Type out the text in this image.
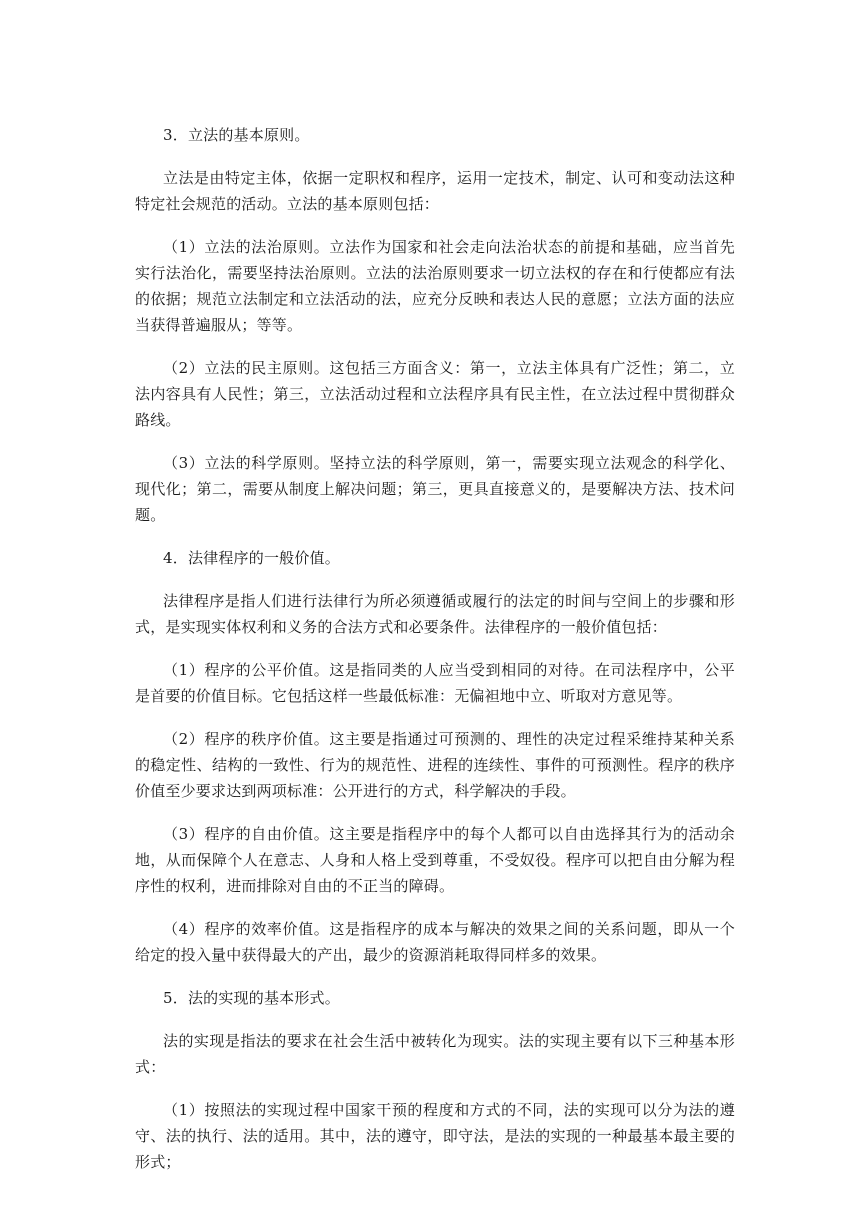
3．立法的基本原则。

立法是由特定主体，依据一定职权和程序，运用一定技术，制定、认可和变动法这种特定社会规范的活动。立法的基本原则包括：

（1）立法的法治原则。立法作为国家和社会走向法治状态的前提和基础，应当首先实行法治化，需要坚持法治原则。立法的法治原则要求一切立法权的存在和行使都应有法的依据；规范立法制定和立法活动的法，应充分反映和表达人民的意愿；立法方面的法应当获得普遍服从；等等。

（2）立法的民主原则。这包括三方面含义：第一，立法主体具有广泛性；第二，立法内容具有人民性；第三，立法活动过程和立法程序具有民主性，在立法过程中贯彻群众路线。

（3）立法的科学原则。坚持立法的科学原则，第一，需要实现立法观念的科学化、现代化；第二，需要从制度上解决问题；第三，更具直接意义的，是要解决方法、技术问题。

4．法律程序的一般价值。

法律程序是指人们进行法律行为所必须遵循或履行的法定的时间与空间上的步骤和形式，是实现实体权利和义务的合法方式和必要条件。法律程序的一般价值包括：

（1）程序的公平价值。这是指同类的人应当受到相同的对待。在司法程序中，公平是首要的价值目标。它包括这样一些最低标准：无偏袒地中立、听取对方意见等。

（2）程序的秩序价值。这主要是指通过可预测的、理性的决定过程采维持某种关系的稳定性、结构的一致性、行为的规范性、进程的连续性、事件的可预测性。程序的秩序价值至少要求达到两项标准：公开进行的方式，科学解决的手段。

（3）程序的自由价值。这主要是指程序中的每个人都可以自由选择其行为的活动余地，从而保障个人在意志、人身和人格上受到尊重，不受奴役。程序可以把自由分解为程序性的权利，进而排除对自由的不正当的障碍。

（4）程序的效率价值。这是指程序的成本与解决的效果之间的关系问题，即从一个给定的投入量中获得最大的产出，最少的资源消耗取得同样多的效果。

5．法的实现的基本形式。

法的实现是指法的要求在社会生活中被转化为现实。法的实现主要有以下三种基本形式：

（1）按照法的实现过程中国家干预的程度和方式的不同，法的实现可以分为法的遵守、法的执行、法的适用。其中，法的遵守，即守法，是法的实现的一种最基本最主要的形式；
